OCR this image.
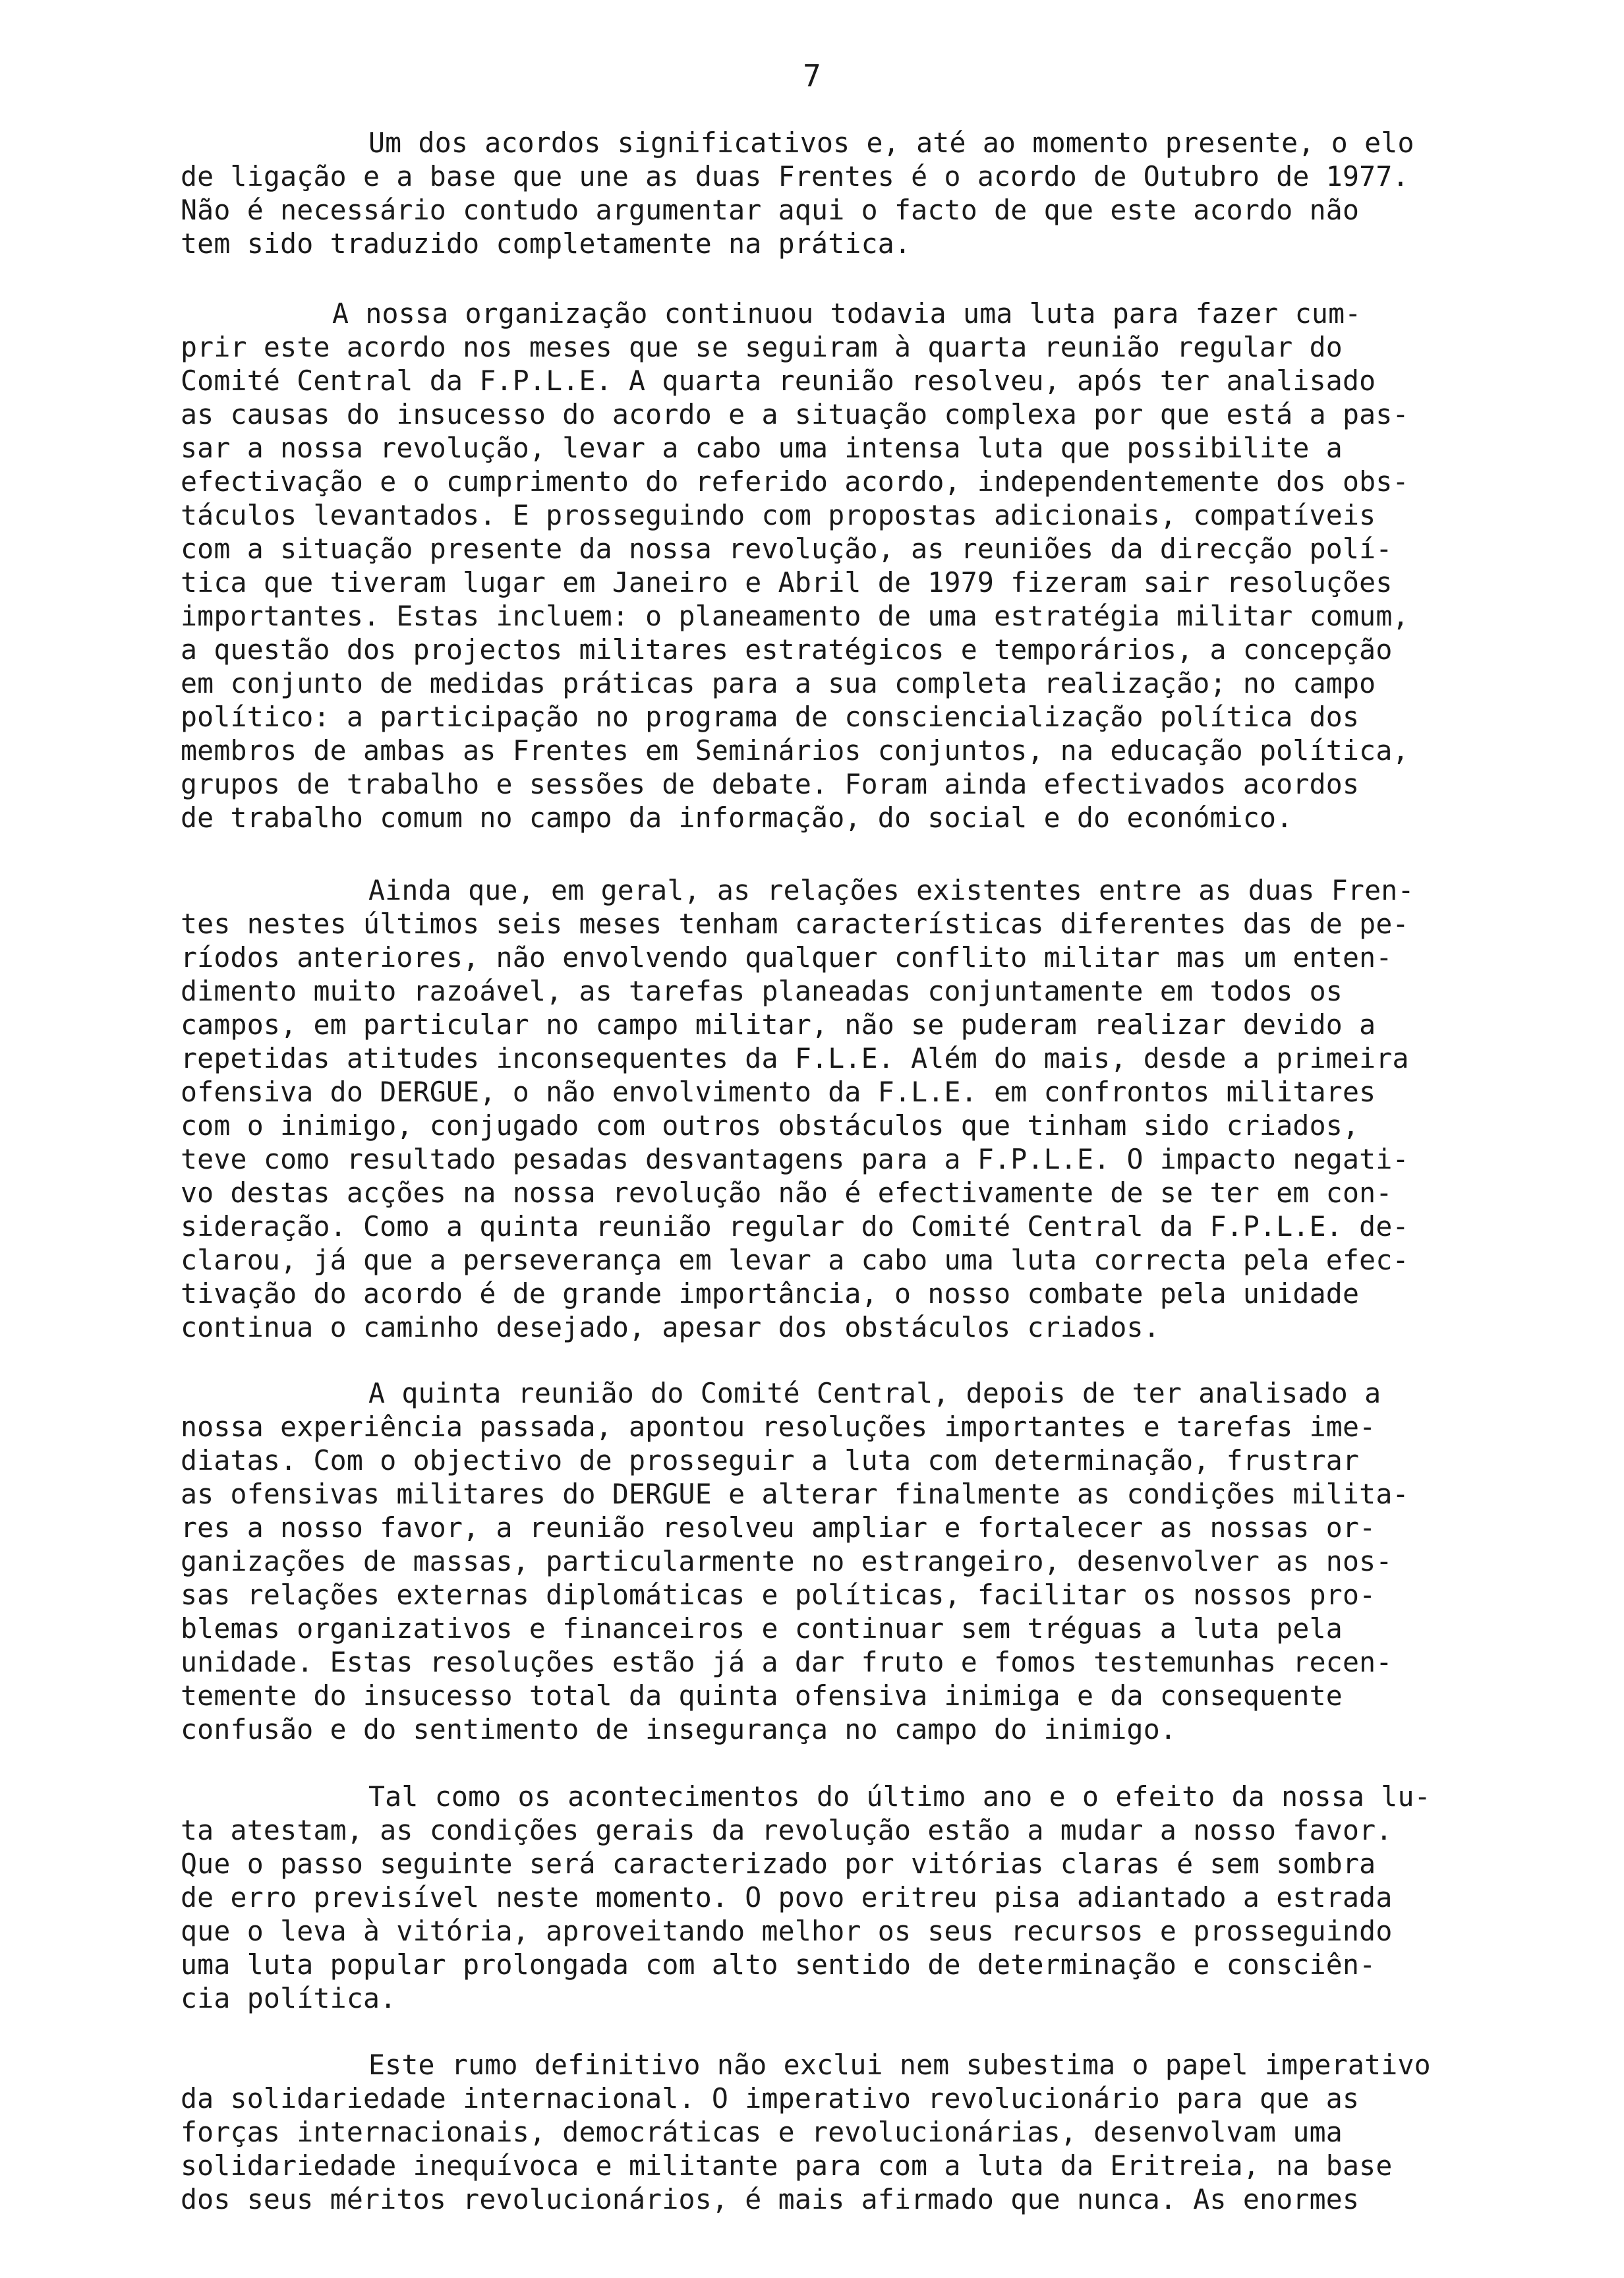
7
Um dos acordos significativos e, até ao momento presente, o elo
de ligação e a base que une as duas Frentes é o acordo de Outubro de 1977.
Não é necessário contudo argumentar aqui o facto de que este acordo não
tem sido traduzido completamente na prática.
A nossa organização continuou todavia uma luta para fazer cum-
prir este acordo nos meses que se seguiram à quarta reunião regular do
Comité Central da F.P.L.E. A quarta reunião resolveu, após ter analisado
as causas do insucesso do acordo e a situação complexa por que está a pas-
sar a nossa revolução, levar a cabo uma intensa luta que possibilite a
efectivação e o cumprimento do referido acordo, independentemente dos obs-
táculos levantados. E prosseguindo com propostas adicionais, compatíveis
com a situação presente da nossa revolução, as reuniões da direcção polí-
tica que tiveram lugar em Janeiro e Abril de 1979 fizeram sair resoluções
importantes. Estas incluem: o planeamento de uma estratégia militar comum,
a questão dos projectos militares estratégicos e temporários, a concepção
em conjunto de medidas práticas para a sua completa realização; no campo
político: a participação no programa de consciencialização política dos
membros de ambas as Frentes em Seminários conjuntos, na educação política,
grupos de trabalho e sessões de debate. Foram ainda efectivados acordos
de trabalho comum no campo da informação, do social e do económico.
Ainda que, em geral, as relações existentes entre as duas Fren-
tes nestes últimos seis meses tenham características diferentes das de pe-
ríodos anteriores, não envolvendo qualquer conflito militar mas um enten-
dimento muito razoável, as tarefas planeadas conjuntamente em todos os
campos, em particular no campo militar, não se puderam realizar devido a
repetidas atitudes inconsequentes da F.L.E. Além do mais, desde a primeira
ofensiva do DERGUE, o não envolvimento da F.L.E. em confrontos militares
com o inimigo, conjugado com outros obstáculos que tinham sido criados,
teve como resultado pesadas desvantagens para a F.P.L.E. O impacto negati-
vo destas acções na nossa revolução não é efectivamente de se ter em con-
sideração. Como a quinta reunião regular do Comité Central da F.P.L.E. de-
clarou, já que a perseverança em levar a cabo uma luta correcta pela efec-
tivação do acordo é de grande importância, o nosso combate pela unidade
continua o caminho desejado, apesar dos obstáculos criados.
A quinta reunião do Comité Central, depois de ter analisado a
nossa experiência passada, apontou resoluções importantes e tarefas ime-
diatas. Com o objectivo de prosseguir a luta com determinação, frustrar
as ofensivas militares do DERGUE e alterar finalmente as condições milita-
res a nosso favor, a reunião resolveu ampliar e fortalecer as nossas or-
ganizações de massas, particularmente no estrangeiro, desenvolver as nos-
sas relações externas diplomáticas e políticas, facilitar os nossos pro-
blemas organizativos e financeiros e continuar sem tréguas a luta pela
unidade. Estas resoluções estão já a dar fruto e fomos testemunhas recen-
temente do insucesso total da quinta ofensiva inimiga e da consequente
confusão e do sentimento de insegurança no campo do inimigo.
Tal como os acontecimentos do último ano e o efeito da nossa lu-
ta atestam, as condições gerais da revolução estão a mudar a nosso favor.
Que o passo seguinte será caracterizado por vitórias claras é sem sombra
de erro previsível neste momento. O povo eritreu pisa adiantado a estrada
que o leva à vitória, aproveitando melhor os seus recursos e prosseguindo
uma luta popular prolongada com alto sentido de determinação e consciên-
cia política.
Este rumo definitivo não exclui nem subestima o papel imperativo
da solidariedade internacional. O imperativo revolucionário para que as
forças internacionais, democráticas e revolucionárias, desenvolvam uma
solidariedade inequívoca e militante para com a luta da Eritreia, na base
dos seus méritos revolucionários, é mais afirmado que nunca. As enormes
